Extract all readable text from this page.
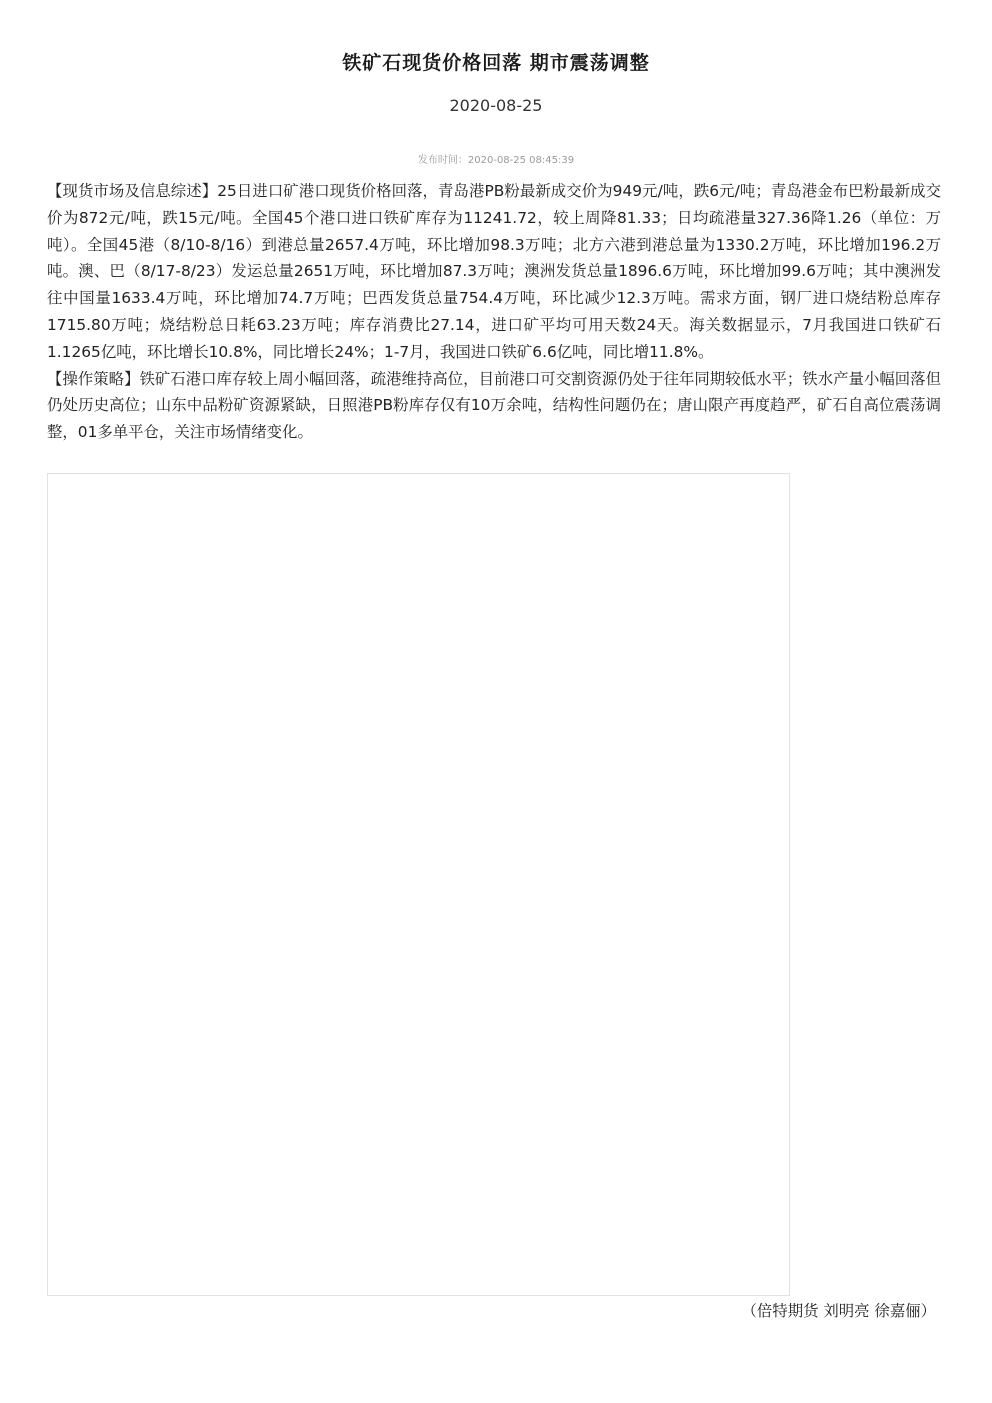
铁矿石现货价格回落 期市震荡调整
2020-08-25
发布时间：2020-08-25 08:45:39

【现货市场及信息综述】25日进口矿港口现货价格回落，青岛港PB粉最新成交价为949元/吨，跌6元/吨；青岛港金布巴粉最新成交价为872元/吨，跌15元/吨。全国45个港口进口铁矿库存为11241.72，较上周降81.33；日均疏港量327.36降1.26（单位：万吨）。全国45港（8/10-8/16）到港总量2657.4万吨，环比增加98.3万吨；北方六港到港总量为1330.2万吨，环比增加196.2万吨。澳、巴（8/17-8/23）发运总量2651万吨，环比增加87.3万吨；澳洲发货总量1896.6万吨，环比增加99.6万吨；其中澳洲发往中国量1633.4万吨，环比增加74.7万吨；巴西发货总量754.4万吨，环比减少12.3万吨。需求方面，钢厂进口烧结粉总库存1715.80万吨；烧结粉总日耗63.23万吨；库存消费比27.14，进口矿平均可用天数24天。海关数据显示，7月我国进口铁矿石1.1265亿吨，环比增长10.8%，同比增长24%；1-7月，我国进口铁矿6.6亿吨，同比增11.8%。

【操作策略】铁矿石港口库存较上周小幅回落，疏港维持高位，目前港口可交割资源仍处于往年同期较低水平；铁水产量小幅回落但仍处历史高位；山东中品粉矿资源紧缺，日照港PB粉库存仅有10万余吨，结构性问题仍在；唐山限产再度趋严，矿石自高位震荡调整，01多单平仓，关注市场情绪变化。

（倍特期货 刘明亮 徐嘉俪）
